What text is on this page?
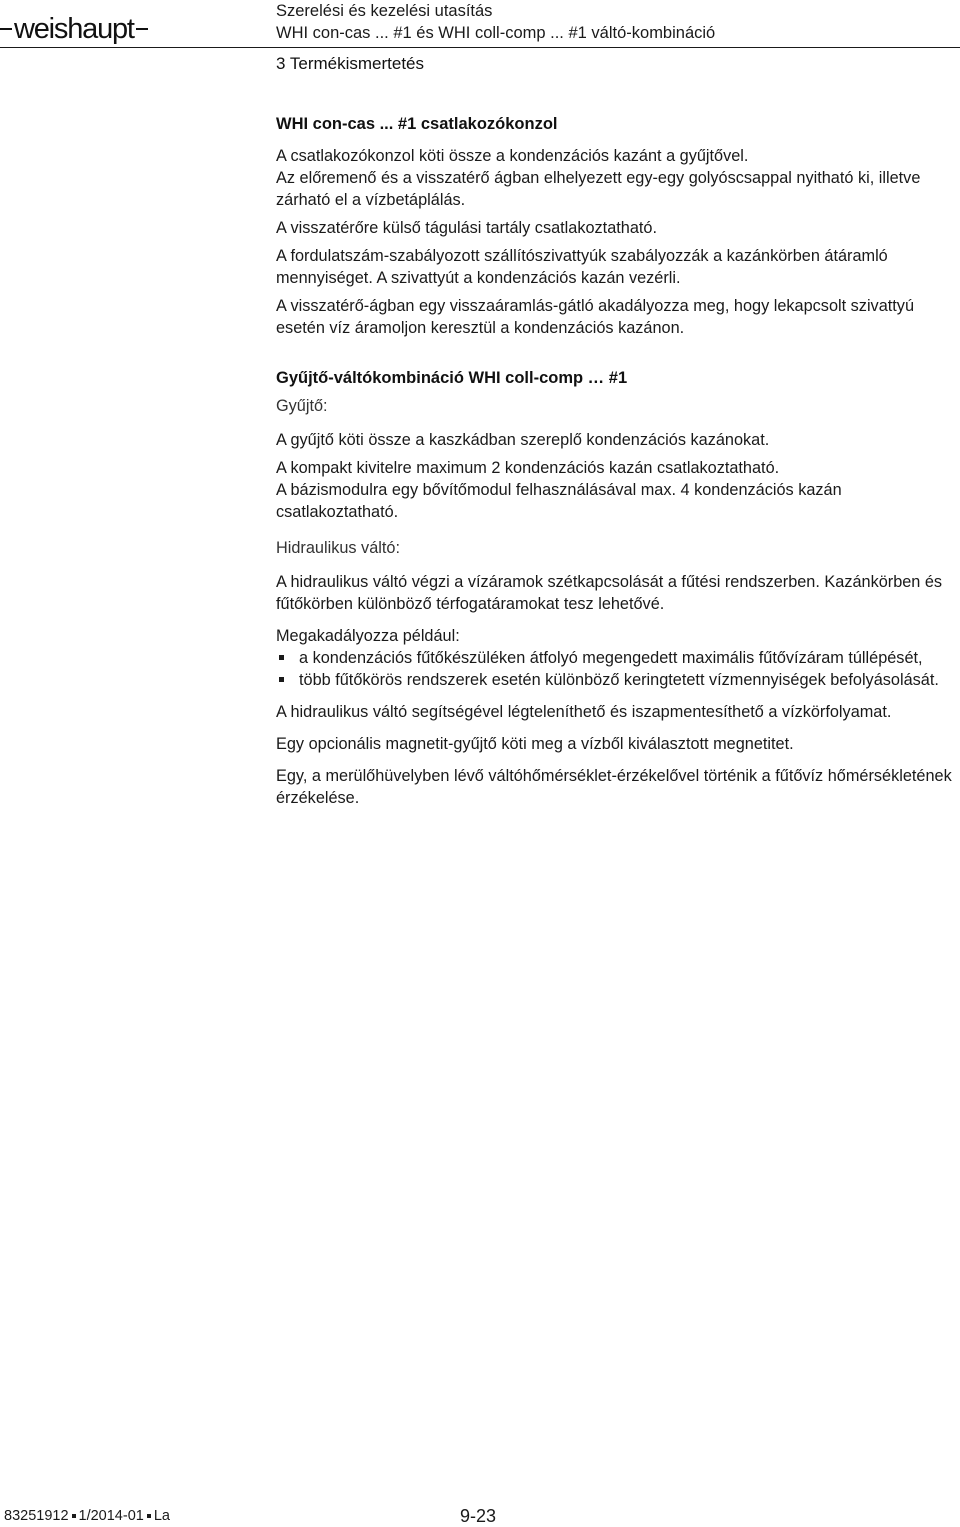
weishaupt
Szerelési és kezelési utasítás
WHI con-cas ... #1 és WHI coll-comp ... #1 váltó-kombináció
3 Termékismertetés

WHI con-cas ... #1 csatlakozókonzol

A csatlakozókonzol köti össze a kondenzációs kazánt a gyűjtővel.

Az előremenő és a visszatérő ágban elhelyezett egy-egy golyóscsappal nyitható ki, illetve zárható el a vízbetáplálás.

A visszatérőre külső tágulási tartály csatlakoztatható.

A fordulatszám-szabályozott szállítószivattyúk szabályozzák a kazánkörben átáramló mennyiséget. A szivattyút a kondenzációs kazán vezérli.

A visszatérő-ágban egy visszaáramlás-gátló akadályozza meg, hogy lekapcsolt szivattyú esetén víz áramoljon keresztül a kondenzációs kazánon.

Gyűjtő-váltókombináció WHI coll-comp … #1

Gyűjtő:

A gyűjtő köti össze a kaszkádban szereplő kondenzációs kazánokat.

A kompakt kivitelre maximum 2 kondenzációs kazán csatlakoztatható.

A bázismodulra egy bővítőmodul felhasználásával max. 4 kondenzációs kazán csatlakoztatható.

Hidraulikus váltó:

A hidraulikus váltó végzi a vízáramok szétkapcsolását a fűtési rendszerben. Kazánkörben és fűtőkörben különböző térfogatáramokat tesz lehetővé.

Megakadályozza például:

a kondenzációs fűtőkészüléken átfolyó megengedett maximális fűtővízáram túllépését,
több fűtőkörös rendszerek esetén különböző keringtetett vízmennyiségek befolyásolását.

A hidraulikus váltó segítségével légteleníthető és iszapmentesíthető a vízkörfolyamat.

Egy opcionális magnetit-gyűjtő köti meg a vízből kiválasztott megnetitet.

Egy, a merülőhüvelyben lévő váltóhőmérséklet-érzékelővel történik a fűtővíz hőmérsékletének érzékelése.

83251912 1/2014-01 La	9-23
